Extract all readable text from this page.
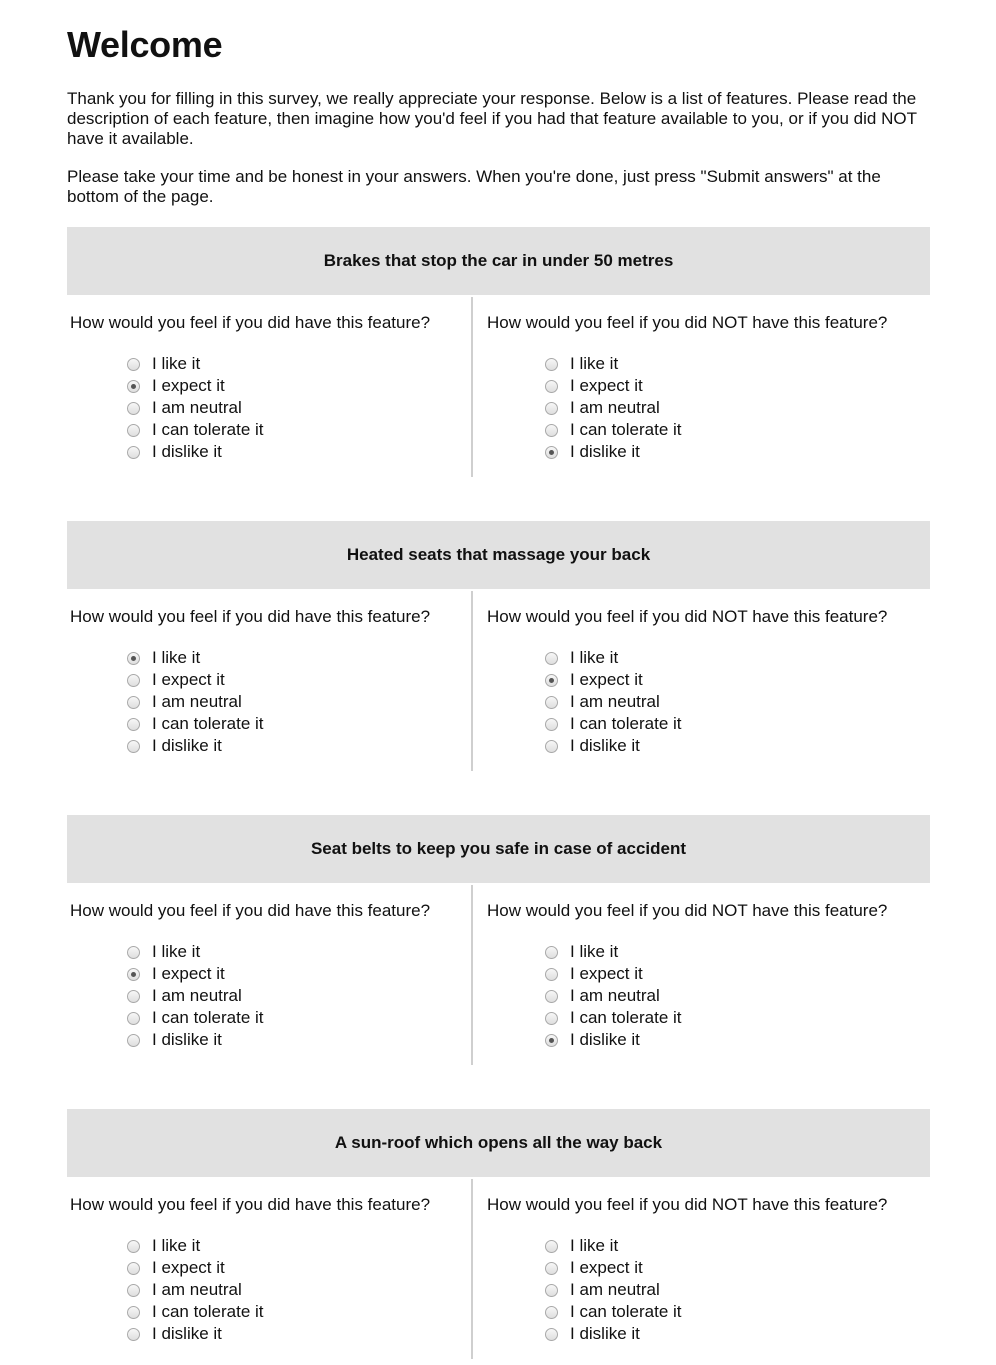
Welcome

Thank you for filling in this survey, we really appreciate your response. Below is a list of features. Please read the description of each feature, then imagine how you'd feel if you had that feature available to you, or if you did NOT have it available.

Please take your time and be honest in your answers. When you're done, just press "Submit answers" at the bottom of the page.

Brakes that stop the car in under 50 metres
How would you feel if you did have this feature?
I like it
I expect it
I am neutral
I can tolerate it
I dislike it
How would you feel if you did NOT have this feature?
I like it
I expect it
I am neutral
I can tolerate it
I dislike it
Heated seats that massage your back
How would you feel if you did have this feature?
I like it
I expect it
I am neutral
I can tolerate it
I dislike it
How would you feel if you did NOT have this feature?
I like it
I expect it
I am neutral
I can tolerate it
I dislike it
Seat belts to keep you safe in case of accident
How would you feel if you did have this feature?
I like it
I expect it
I am neutral
I can tolerate it
I dislike it
How would you feel if you did NOT have this feature?
I like it
I expect it
I am neutral
I can tolerate it
I dislike it
A sun-roof which opens all the way back
How would you feel if you did have this feature?
I like it
I expect it
I am neutral
I can tolerate it
I dislike it
How would you feel if you did NOT have this feature?
I like it
I expect it
I am neutral
I can tolerate it
I dislike it
